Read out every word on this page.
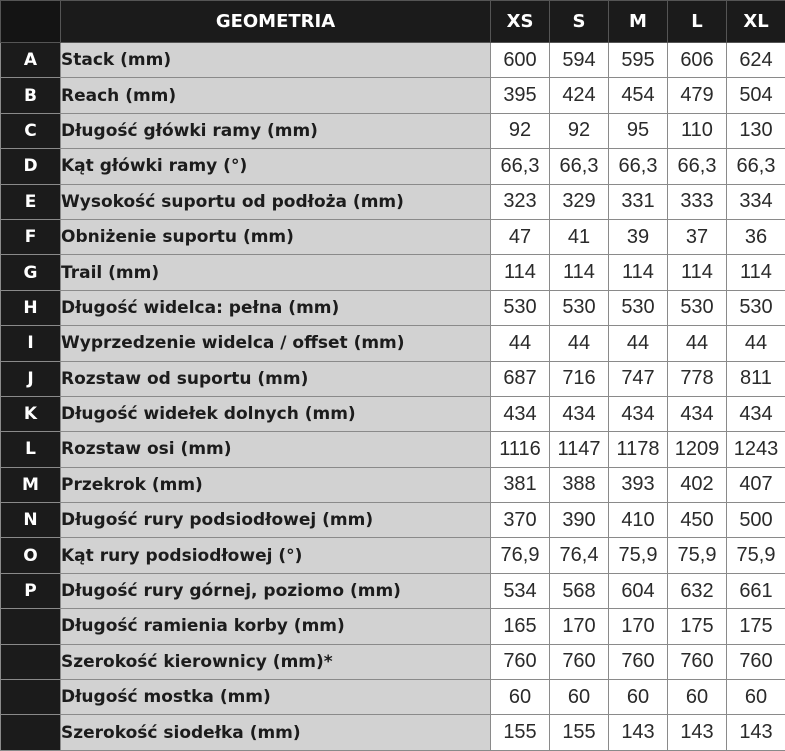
	GEOMETRIA	XS	S	M	L	XL
A	Stack (mm)	600	594	595	606	624
B	Reach (mm)	395	424	454	479	504
C	Długość główki ramy (mm)	92	92	95	110	130
D	Kąt główki ramy (°)	66,3	66,3	66,3	66,3	66,3
E	Wysokość suportu od podłoża (mm)	323	329	331	333	334
F	Obniżenie suportu (mm)	47	41	39	37	36
G	Trail (mm)	114	114	114	114	114
H	Długość widelca: pełna (mm)	530	530	530	530	530
I	Wyprzedzenie widelca / offset (mm)	44	44	44	44	44
J	Rozstaw od suportu (mm)	687	716	747	778	811
K	Długość widełek dolnych (mm)	434	434	434	434	434
L	Rozstaw osi (mm)	1116	1147	1178	1209	1243
M	Przekrok (mm)	381	388	393	402	407
N	Długość rury podsiodłowej (mm)	370	390	410	450	500
O	Kąt rury podsiodłowej (°)	76,9	76,4	75,9	75,9	75,9
P	Długość rury górnej, poziomo (mm)	534	568	604	632	661
	Długość ramienia korby (mm)	165	170	170	175	175
	Szerokość kierownicy (mm)*	760	760	760	760	760
	Długość mostka (mm)	60	60	60	60	60
	Szerokość siodełka (mm)	155	155	143	143	143
